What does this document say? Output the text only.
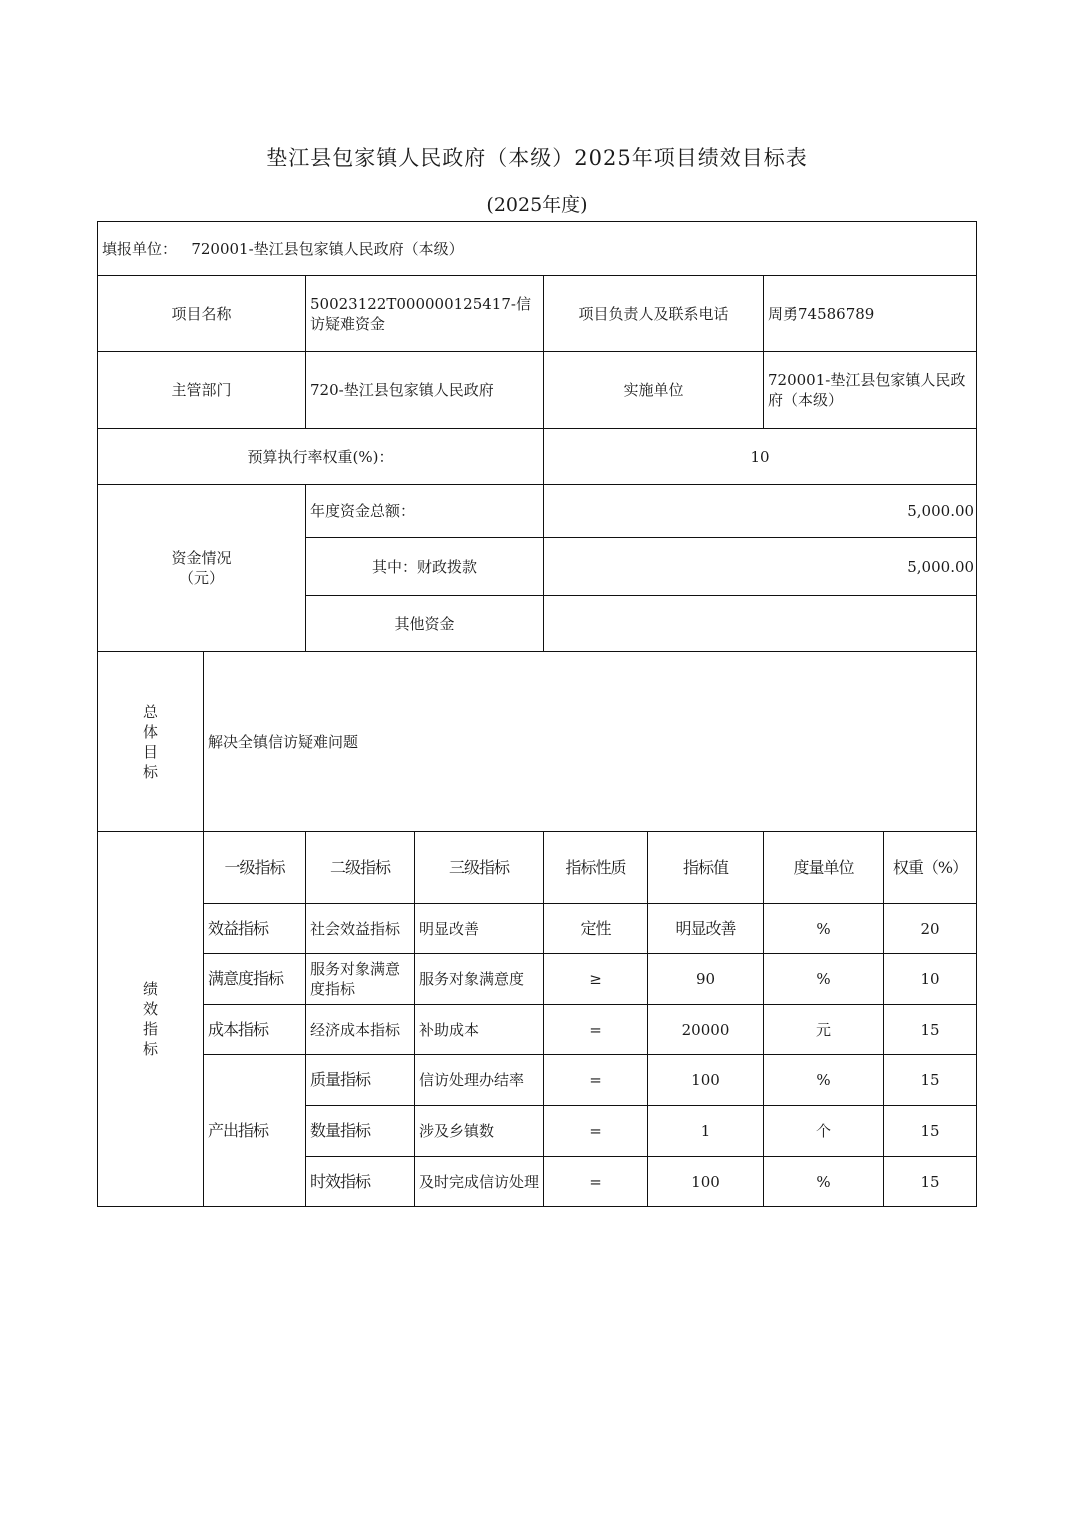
垫江县包家镇人民政府（本级）2025年项目绩效目标表
(2025年度)
填报单位： 720001-垫江县包家镇人民政府（本级）							
项目名称		50023122T000000125417-信访疑难资金		项目负责人及联系电话		周勇74586789	
主管部门		720-垫江县包家镇人民政府		实施单位		720001-垫江县包家镇人民政府（本级）	
预算执行率权重(%)：				10			
资金情况
（元）		年度资金总额：		5,000.00			
		其中：财政拨款		5,000.00			
		其他资金					

总
体
目
标	解决全镇信访疑难问题						

绩
效
指
标	一级指标	二级指标	三级指标	指标性质	指标值	度量单位	权重（%）
	效益指标	社会效益指标	明显改善	定性	明显改善	%	20
	满意度指标	服务对象满意度指标	服务对象满意度	≥	90	%	10
	成本指标	经济成本指标	补助成本	=	20000	元	15
	产出指标	质量指标	信访处理办结率	=	100	%	15
		数量指标	涉及乡镇数	=	1	个	15
		时效指标	及时完成信访处理	=	100	%	15
